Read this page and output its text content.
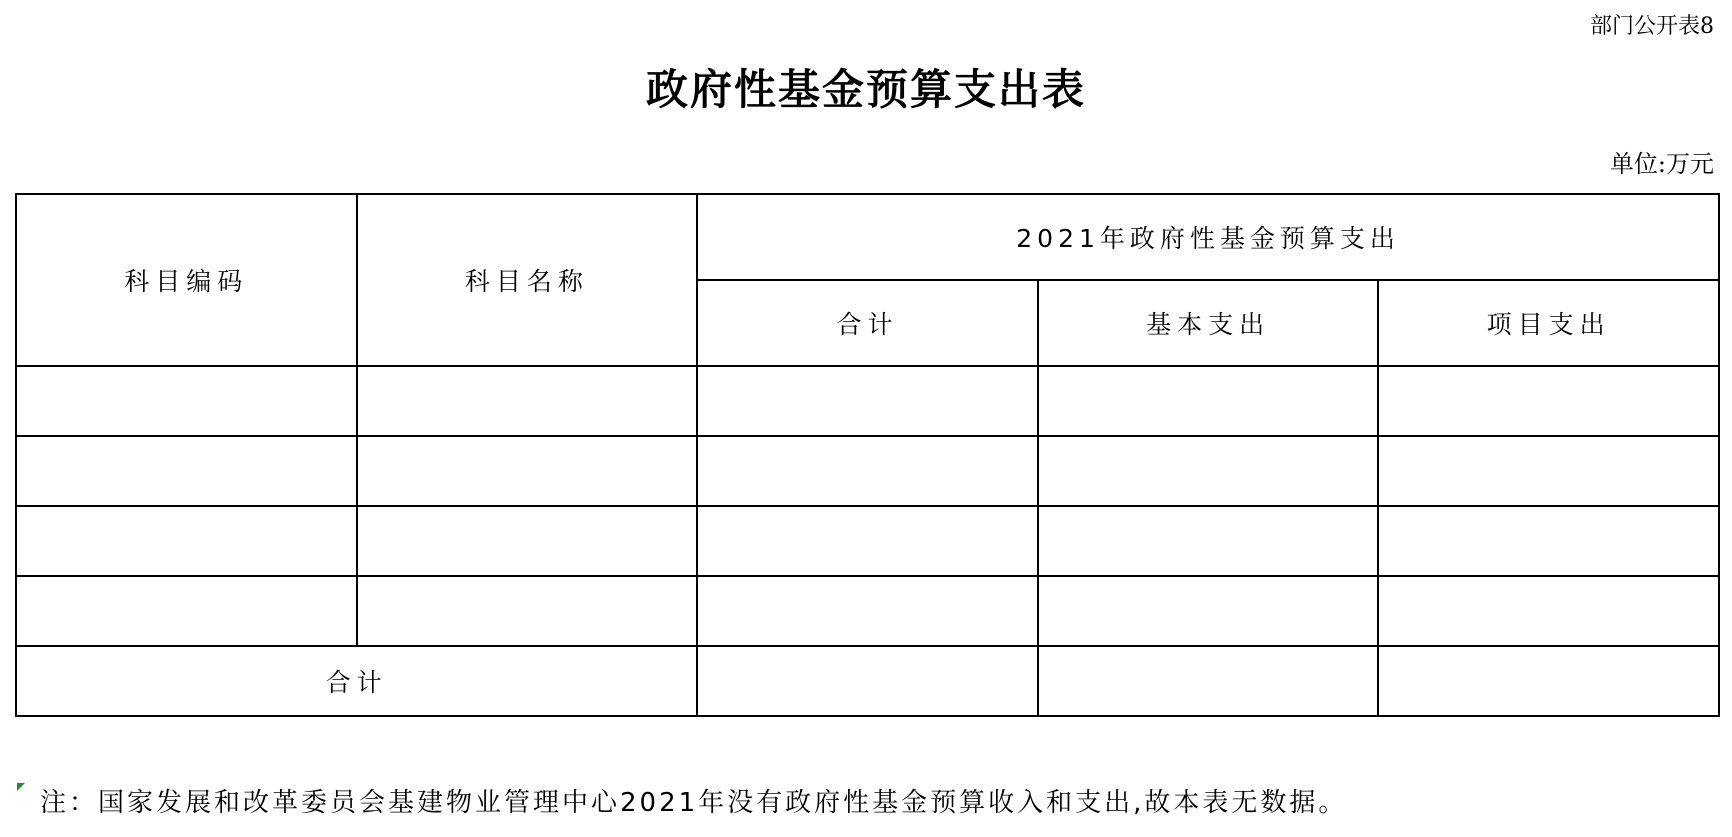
部门公开表8
政府性基金预算支出表
单位:万元
科目编码	科目名称	2021年政府性基金预算支出		
		合计	基本支出	项目支出

合计				
注：国家发展和改革委员会基建物业管理中心2021年没有政府性基金预算收入和支出,故本表无数据。
